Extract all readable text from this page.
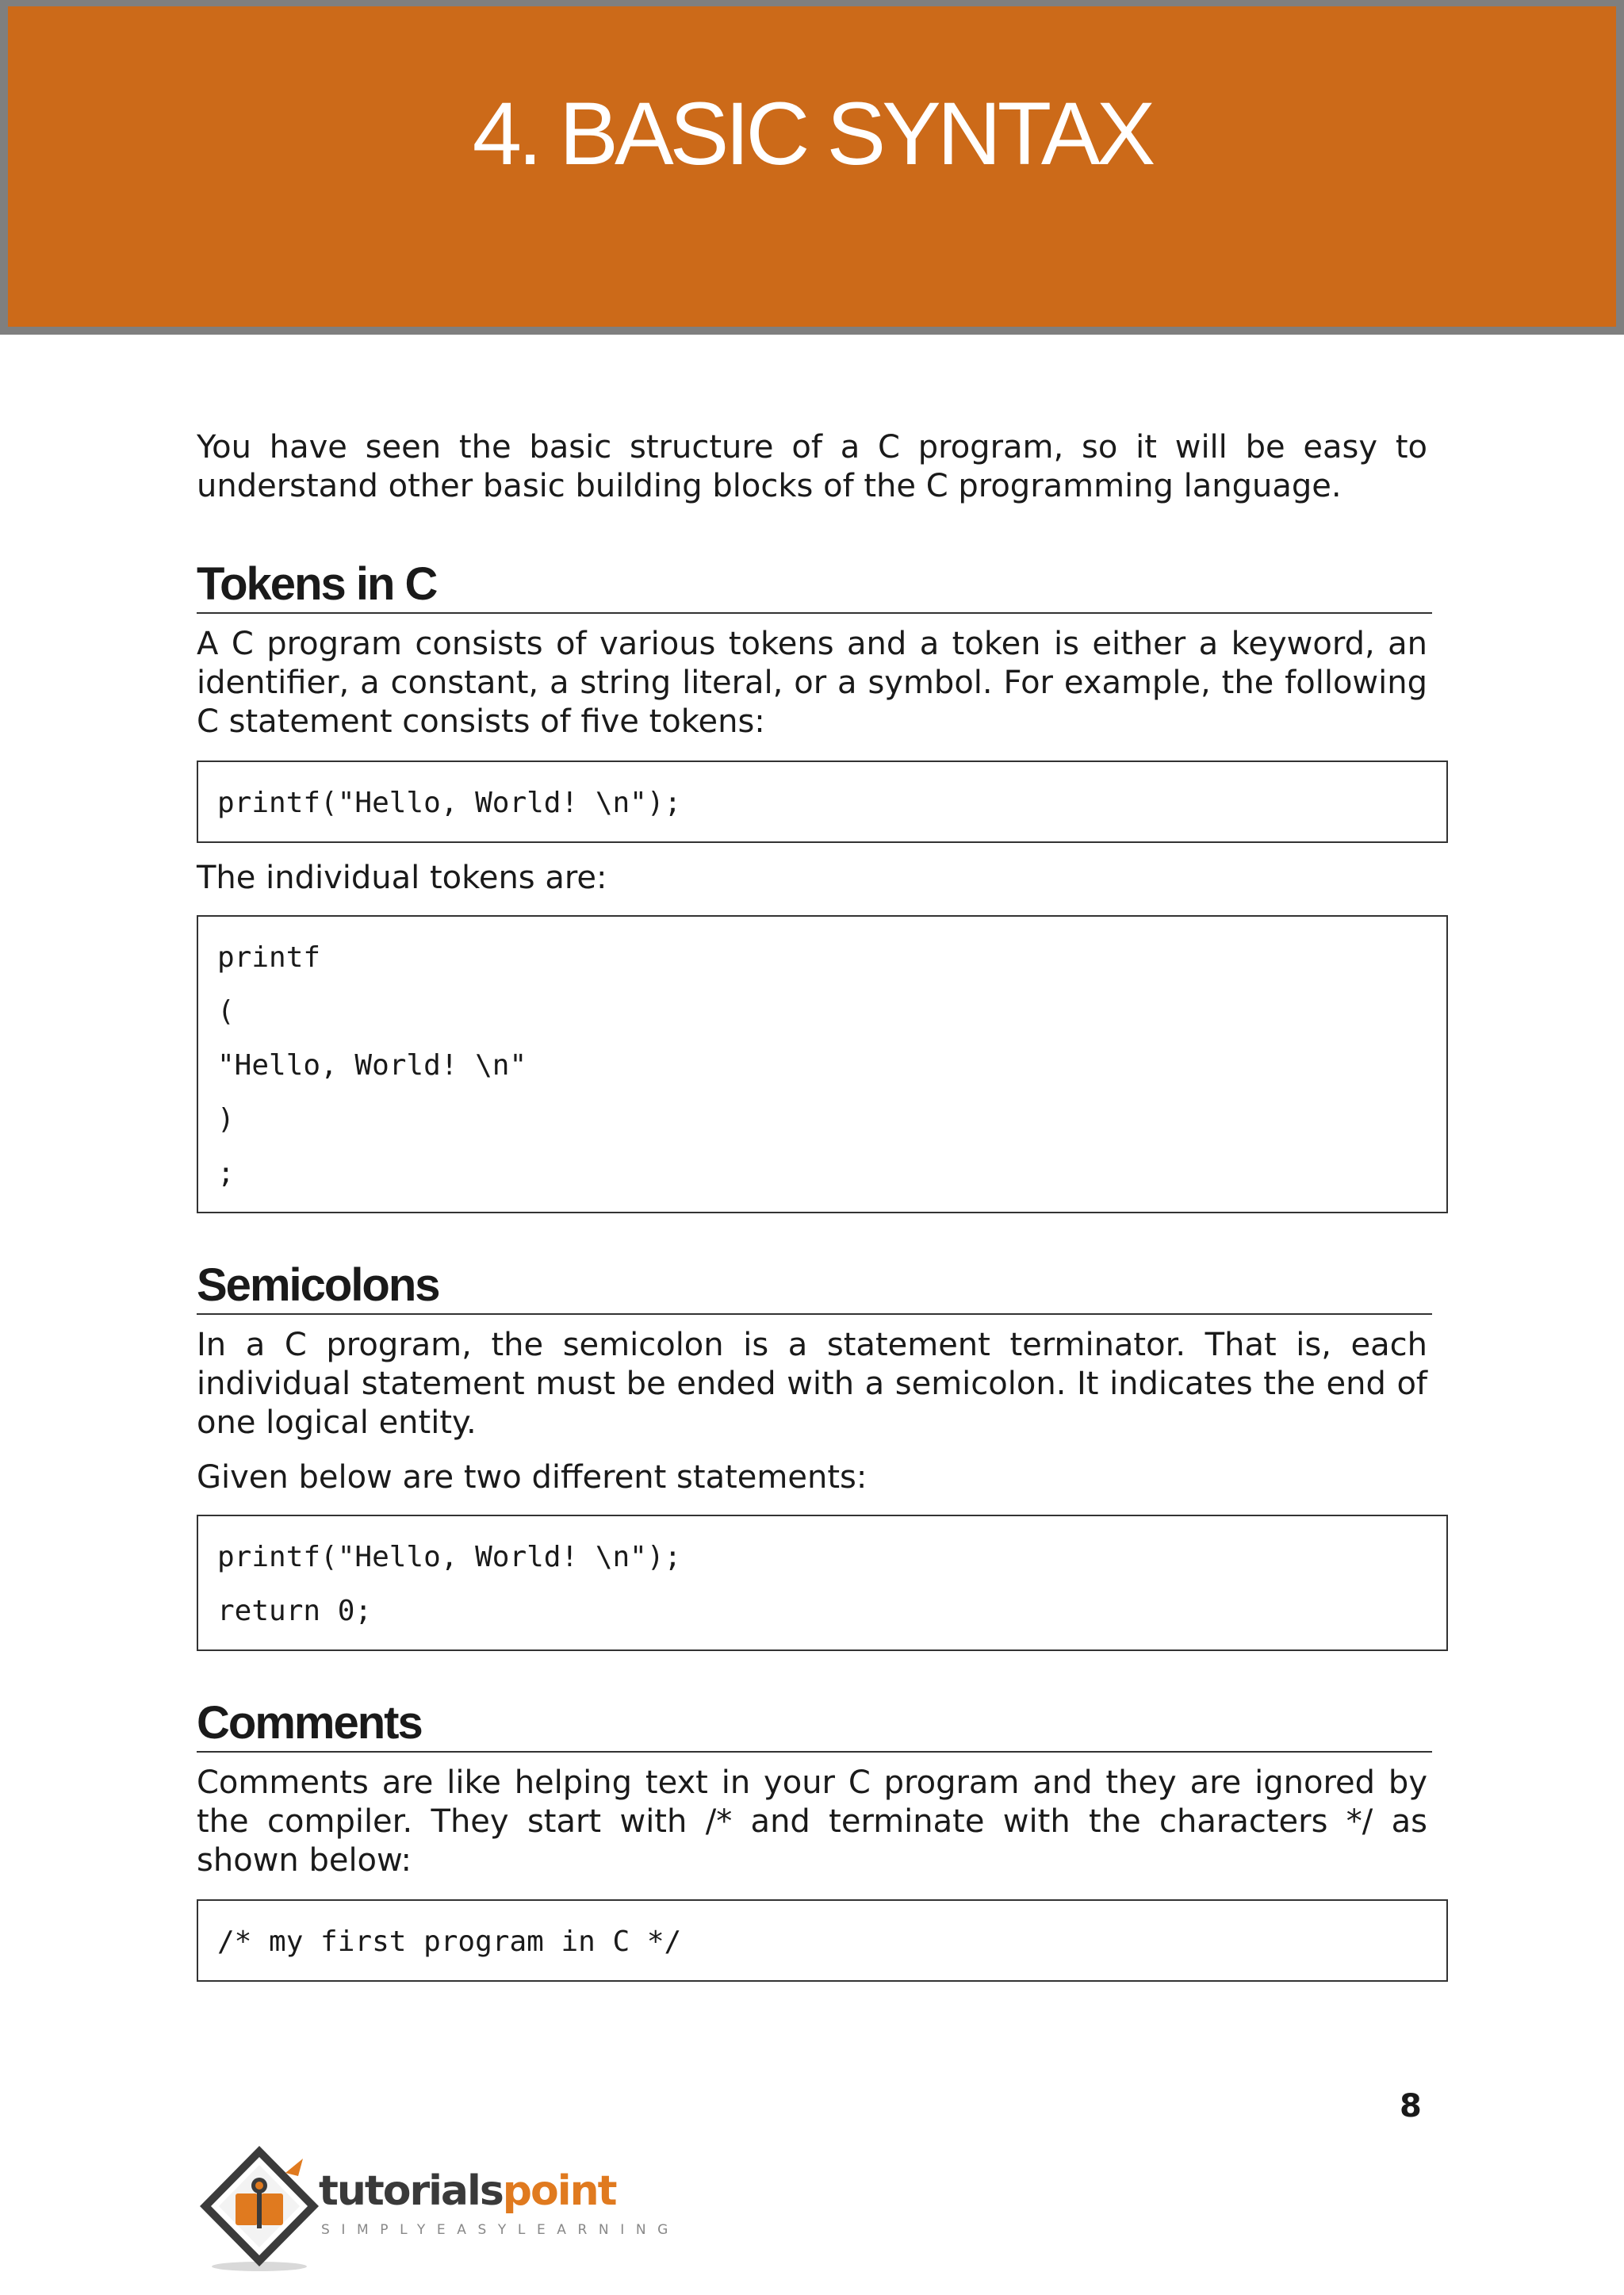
4. BASIC SYNTAX

You have seen the basic structure of a C program, so it will be easy to understand other basic building blocks of the C programming language.

Tokens in C

A C program consists of various tokens and a token is either a keyword, an identifier, a constant, a string literal, or a symbol. For example, the following C statement consists of five tokens:

printf("Hello, World! \n");

The individual tokens are:

printf
(
"Hello, World! \n"
)
;
Semicolons

In a C program, the semicolon is a statement terminator. That is, each individual statement must be ended with a semicolon. It indicates the end of one logical entity.

Given below are two different statements:

printf("Hello, World! \n");
return 0;
Comments

Comments are like helping text in your C program and they are ignored by the compiler. They start with /* and terminate with the characters */ as shown below:

/* my first program in C */
8
tutorialspoint
SIMPLYEASYLEARNING
